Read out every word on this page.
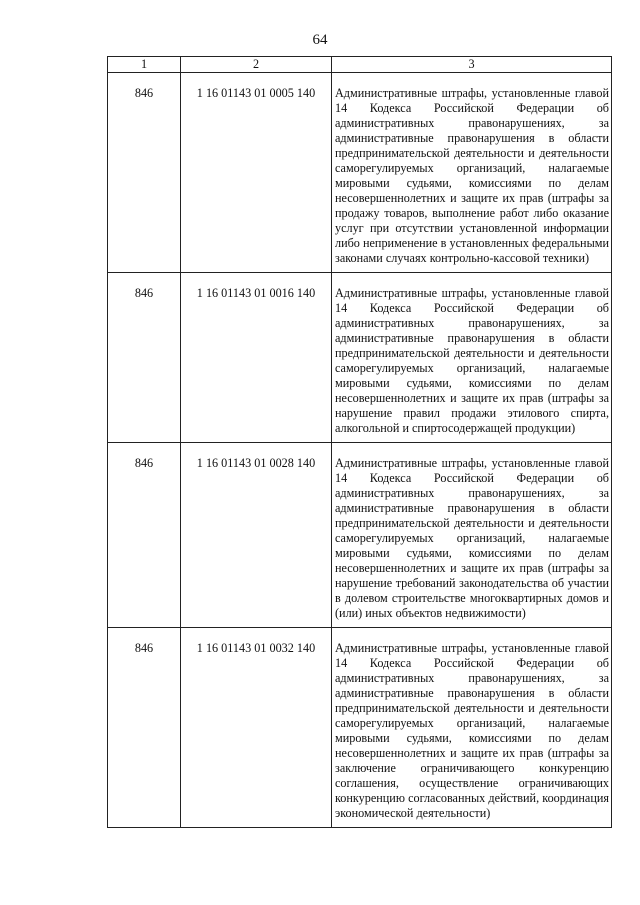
64
1	2	3
846	1 16 01143 01 0005 140	Административные штрафы, установленные главой 14 Кодекса Российской Федерации об административных правонарушениях, за административные правонарушения в области предпринимательской деятельности и деятельности саморегулируемых организаций, налагаемые мировыми судьями, комиссиями по делам несовершеннолетних и защите их прав (штрафы за продажу товаров, выполнение работ либо оказание услуг при отсутствии установленной информации либо неприменение в установленных федеральными законами случаях контрольно-кассовой техники)
846	1 16 01143 01 0016 140	Административные штрафы, установленные главой 14 Кодекса Российской Федерации об административных правонарушениях, за административные правонарушения в области предпринимательской деятельности и деятельности саморегулируемых организаций, налагаемые мировыми судьями, комиссиями по делам несовершеннолетних и защите их прав (штрафы за нарушение правил продажи этилового спирта, алкогольной и спиртосодержащей продукции)
846	1 16 01143 01 0028 140	Административные штрафы, установленные главой 14 Кодекса Российской Федерации об административных правонарушениях, за административные правонарушения в области предпринимательской деятельности и деятельности саморегулируемых организаций, налагаемые мировыми судьями, комиссиями по делам несовершеннолетних и защите их прав (штрафы за нарушение требований законодательства об участии в долевом строительстве многоквартирных домов и (или) иных объектов недвижимости)
846	1 16 01143 01 0032 140	Административные штрафы, установленные главой 14 Кодекса Российской Федерации об административных правонарушениях, за административные правонарушения в области предпринимательской деятельности и деятельности саморегулируемых организаций, налагаемые мировыми судьями, комиссиями по делам несовершеннолетних и защите их прав (штрафы за заключение ограничивающего конкуренцию соглашения, осуществление ограничивающих конкуренцию согласованных действий, координация экономической деятельности)
